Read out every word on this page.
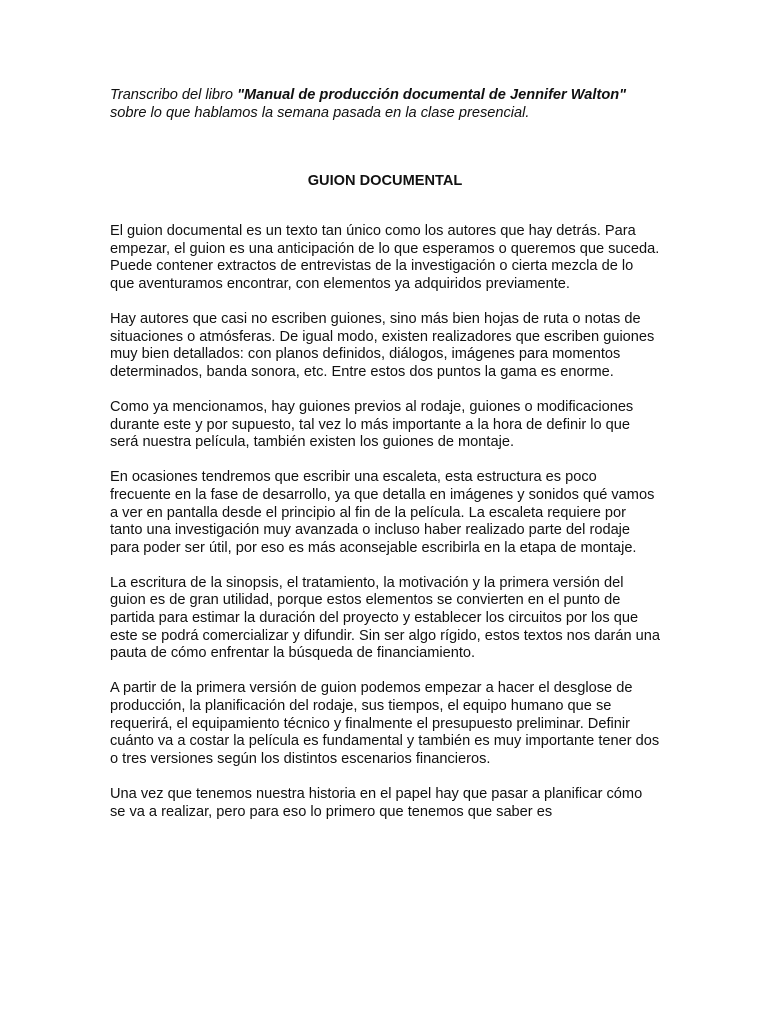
Transcribo del libro "Manual de producción documental de Jennifer Walton" sobre lo que hablamos la semana pasada en la clase presencial.

GUION DOCUMENTAL

El guion documental es un texto tan único como los autores que hay detrás. Para empezar, el guion es una anticipación de lo que esperamos o queremos que suceda. Puede contener extractos de entrevistas de la investigación o cierta mezcla de lo que aventuramos encontrar, con elementos ya adquiridos previamente.

Hay autores que casi no escriben guiones, sino más bien hojas de ruta o notas de situaciones o atmósferas. De igual modo, existen realizadores que escriben guiones muy bien detallados: con planos definidos, diálogos, imágenes para momentos determinados, banda sonora, etc. Entre estos dos puntos la gama es enorme.

Como ya mencionamos, hay guiones previos al rodaje, guiones o modificaciones durante este y por supuesto, tal vez lo más importante a la hora de definir lo que será nuestra película, también existen los guiones de montaje.

En ocasiones tendremos que escribir una escaleta, esta estructura es poco frecuente en la fase de desarrollo, ya que detalla en imágenes y sonidos qué vamos a ver en pantalla desde el principio al fin de la película. La escaleta requiere por tanto una investigación muy avanzada o incluso haber realizado parte del rodaje para poder ser útil, por eso es más aconsejable escribirla en la etapa de montaje.

La escritura de la sinopsis, el tratamiento, la motivación y la primera versión del guion es de gran utilidad, porque estos elementos se convierten en el punto de partida para estimar la duración del proyecto y establecer los circuitos por los que este se podrá comercializar y difundir. Sin ser algo rígido, estos textos nos darán una pauta de cómo enfrentar la búsqueda de financiamiento.

A partir de la primera versión de guion podemos empezar a hacer el desglose de producción, la planificación del rodaje, sus tiempos, el equipo humano que se requerirá, el equipamiento técnico y finalmente el presupuesto preliminar. Definir cuánto va a costar la película es fundamental y también es muy importante tener dos o tres versiones según los distintos escenarios financieros.

Una vez que tenemos nuestra historia en el papel hay que pasar a planificar cómo se va a realizar, pero para eso lo primero que tenemos que saber es
